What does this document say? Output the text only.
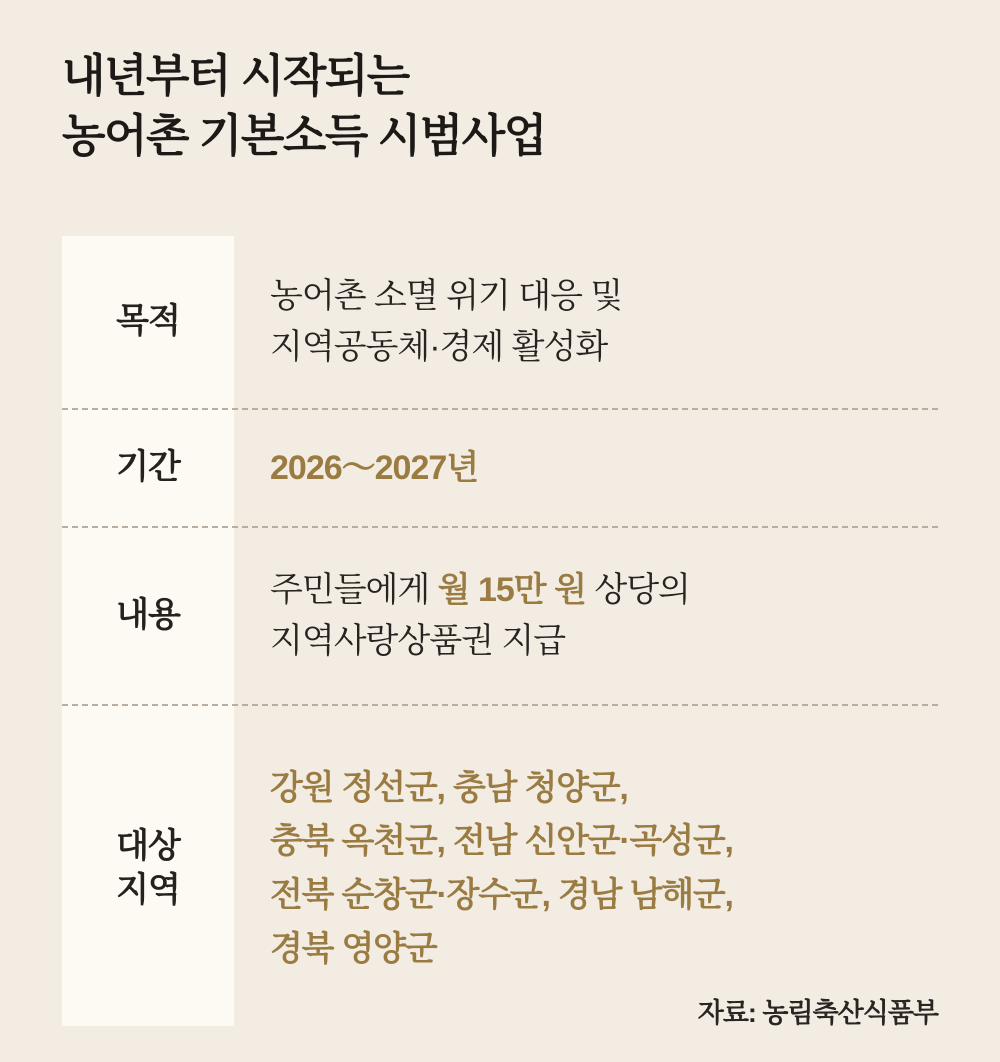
내년부터 시작되는
농어촌 기본소득 시범사업
목적
농어촌 소멸 위기 대응 및
지역공동체·경제 활성화
기간	2026～2027년
내용
주민들에게 월 15만 원 상당의
지역사랑상품권 지급
대상
지역
강원 정선군, 충남 청양군,
충북 옥천군, 전남 신안군·곡성군,
전북 순창군·장수군, 경남 남해군,
경북 영양군
자료: 농림축산식품부
